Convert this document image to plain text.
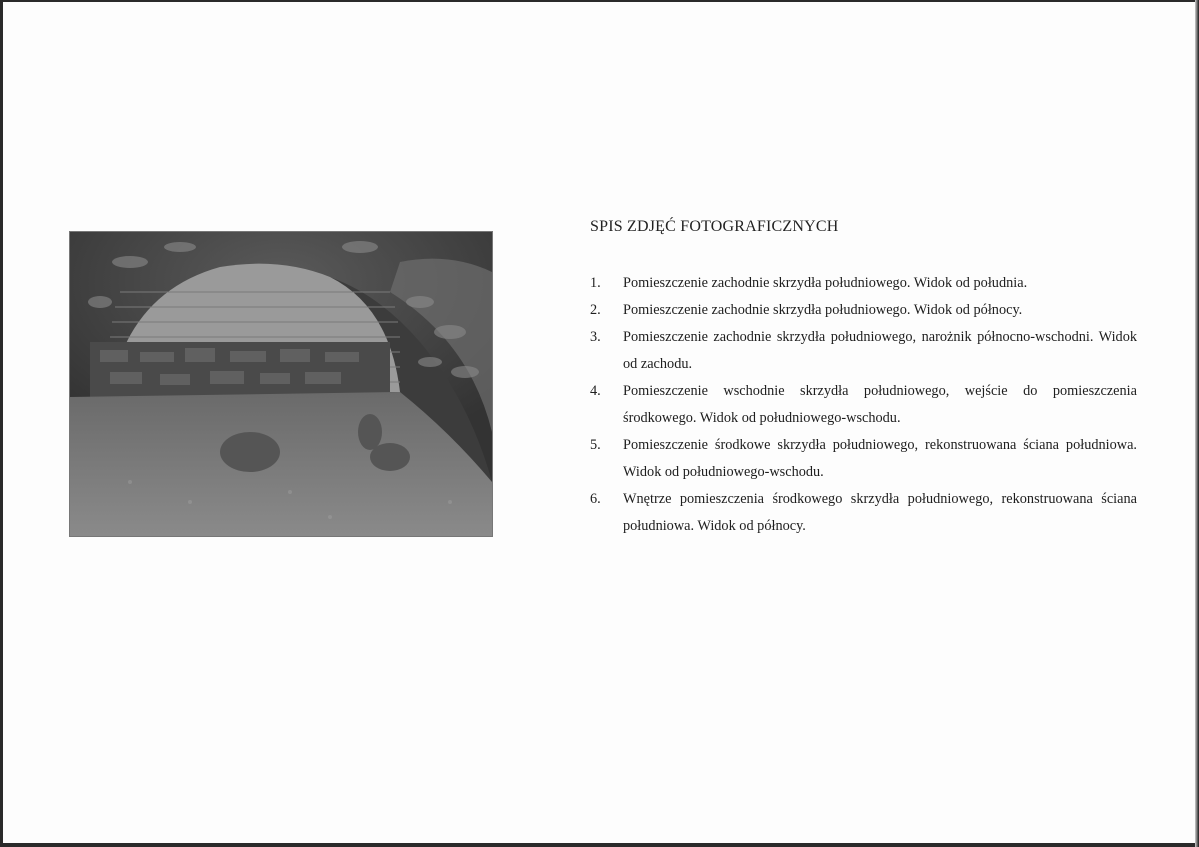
SPIS ZDJĘĆ FOTOGRAFICZNYCH
1. Pomieszczenie zachodnie skrzydła południowego. Widok od południa.
2. Pomieszczenie zachodnie skrzydła południowego. Widok od północy.
3. Pomieszczenie zachodnie skrzydła południowego, narożnik północno-wschodni. Widok od zachodu.
4. Pomieszczenie wschodnie skrzydła południowego, wejście do pomieszczenia środkowego. Widok od południowego-wschodu.
5. Pomieszczenie środkowe skrzydła południowego, rekonstruowana ściana południowa. Widok od południowego-wschodu.
6. Wnętrze pomieszczenia środkowego skrzydła południowego, rekonstruowana ściana południowa. Widok od północy.
